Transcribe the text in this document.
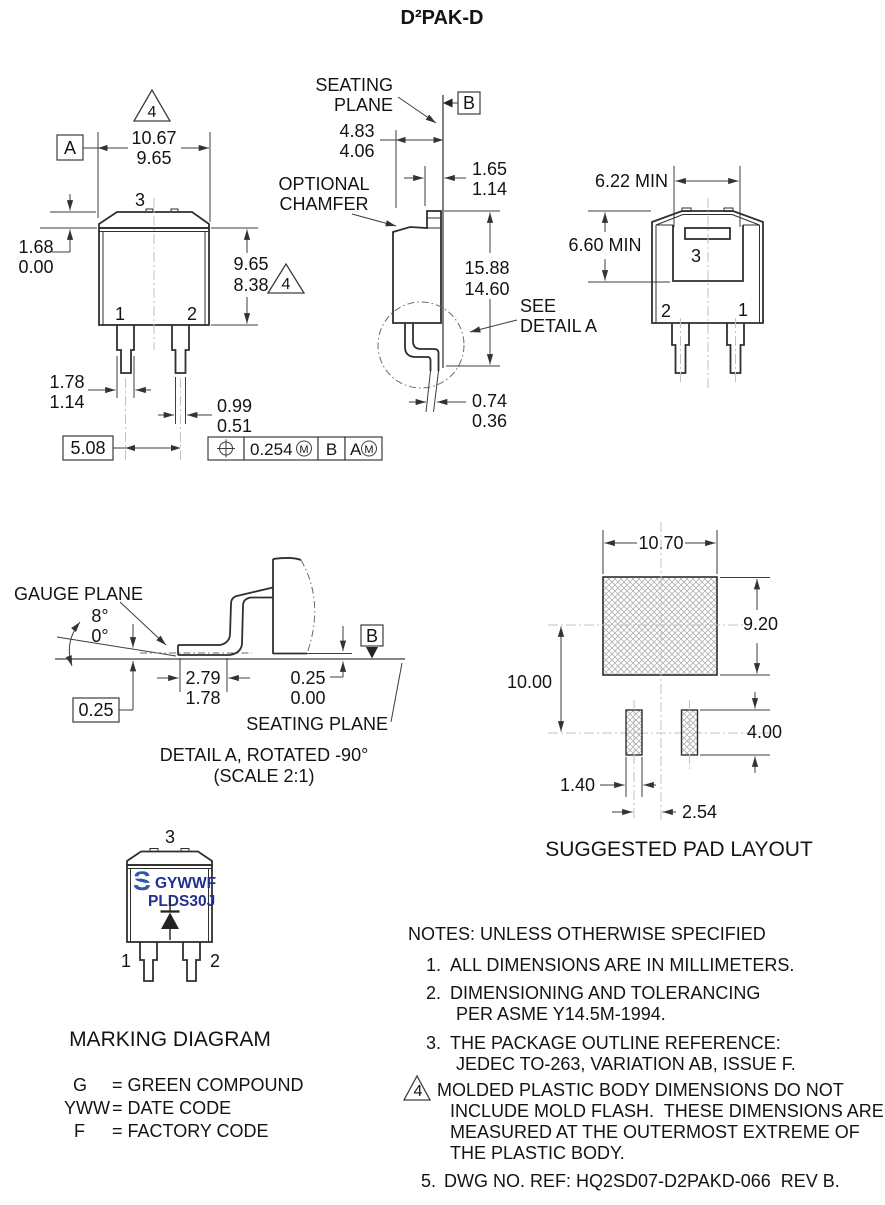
D²PAK-D
A
4
10.67
9.65
3
1	2
1.68
0.00	9.65
8.38 4
1.78
1.14	0.99
0.51
5.08	0.254 M B A M
B
SEATING
PLANE
4.83
4.06
1.65
1.14
OPTIONAL
CHAMFER
SEE
DETAIL A
15.88
14.60
0.74
0.36
6.22 MIN
6.60 MIN
3
2	1
GAUGE PLANE
8°
0°
0.25
B
SEATING PLANE
2.79
1.78
0.25
0.00
DETAIL A, ROTATED -90°
(SCALE 2:1)
10.70
9.20
10.00
4.00
1.40
2.54
SUGGESTED PAD LAYOUT
3
S GYWWF
PLDS30J
1	2
MARKING DIAGRAM
G = GREEN COMPOUND
YWW = DATE CODE
F = FACTORY CODE
NOTES: UNLESS OTHERWISE SPECIFIED
1. ALL DIMENSIONS ARE IN MILLIMETERS.
2. DIMENSIONING AND TOLERANCING
PER ASME Y14.5M-1994.
3. THE PACKAGE OUTLINE REFERENCE:
JEDEC TO-263, VARIATION AB, ISSUE F.
4 MOLDED PLASTIC BODY DIMENSIONS DO NOT
INCLUDE MOLD FLASH.  THESE DIMENSIONS ARE
MEASURED AT THE OUTERMOST EXTREME OF
THE PLASTIC BODY.
5. DWG NO. REF: HQ2SD07-D2PAKD-066  REV B.
